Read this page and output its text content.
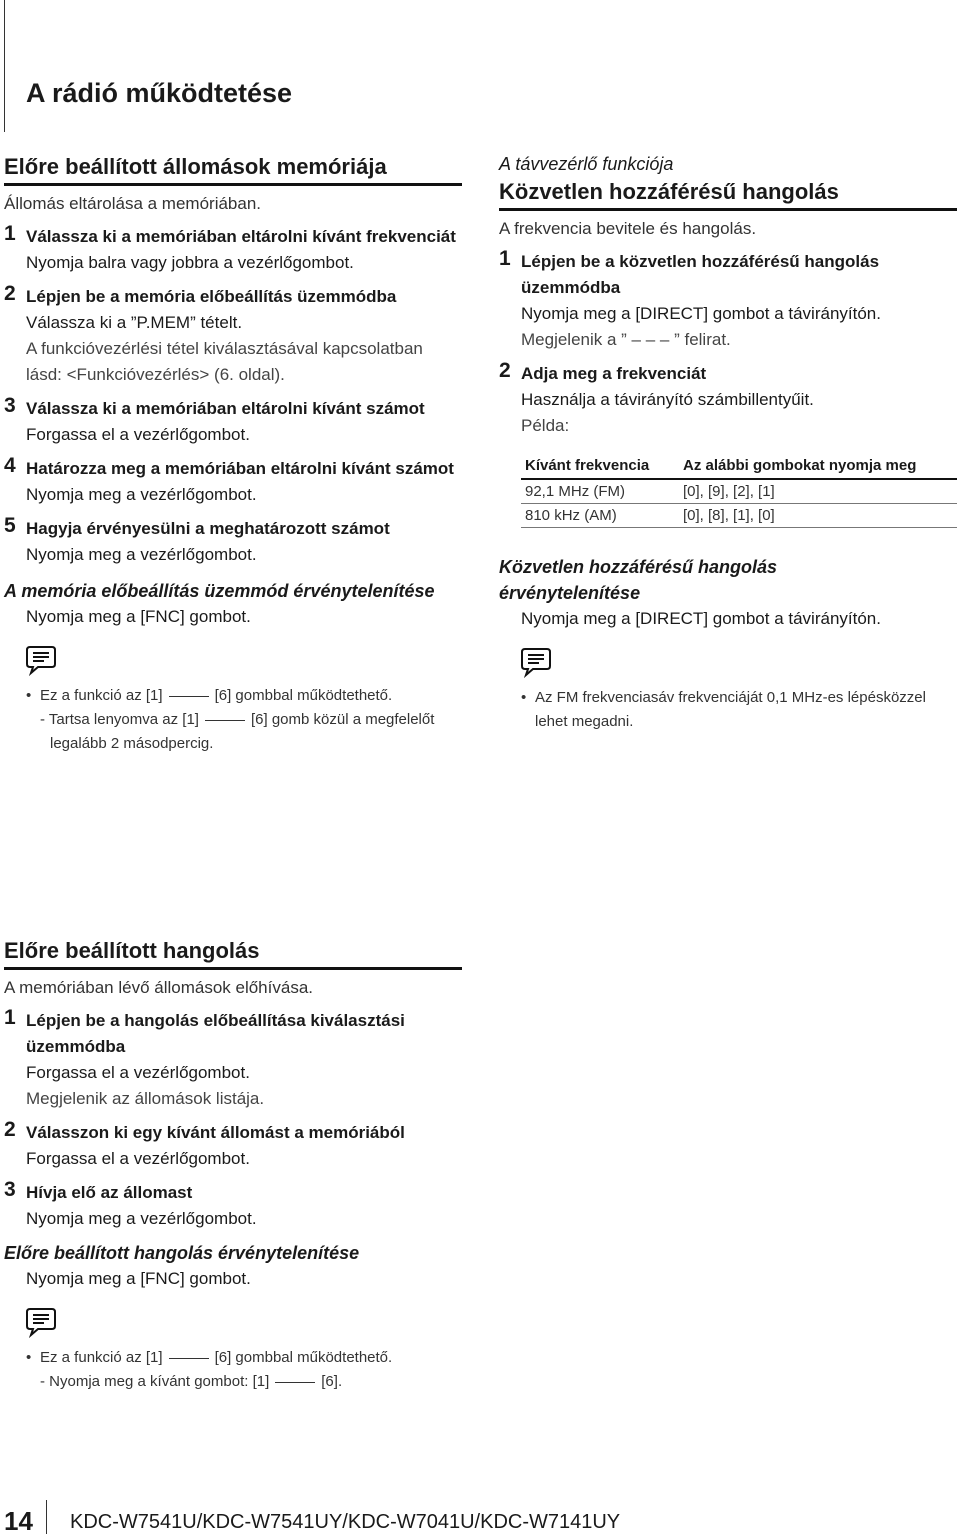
A rádió működtetése
Előre beállított állomások memóriája
Állomás eltárolása a memóriában.
1 Válassza ki a memóriában eltárolni kívánt frekvenciát
Nyomja balra vagy jobbra a vezérlőgombot.
2 Lépjen be a memória előbeállítás üzemmódba
Válassza ki a ”P.MEM” tételt.
A funkcióvezérlési tétel kiválasztásával kapcsolatban
lásd: <Funkcióvezérlés> (6. oldal).
3 Válassza ki a memóriában eltárolni kívánt számot
Forgassa el a vezérlőgombot.
4 Határozza meg a memóriában eltárolni kívánt számot
Nyomja meg a vezérlőgombot.
5 Hagyja érvényesülni a meghatározott számot
Nyomja meg a vezérlőgombot.
A memória előbeállítás üzemmód érvénytelenítése
Nyomja meg a [FNC] gombot.
• Ez a funkció az [1]	[6] gombbal működtethető.
- Tartsa lenyomva az [1]	[6] gomb közül a megfelelőt
legalább 2 másodpercig.
Előre beállított hangolás
A memóriában lévő állomások előhívása.
1 Lépjen be a hangolás előbeállítása kiválasztási üzemmódba
Forgassa el a vezérlőgombot.
Megjelenik az állomások listája.
2 Válasszon ki egy kívánt állomást a memóriából
Forgassa el a vezérlőgombot.
3 Hívja elő az állomast
Nyomja meg a vezérlőgombot.
Előre beállított hangolás érvénytelenítése
Nyomja meg a [FNC] gombot.
• Ez a funkció az [1]	[6] gombbal működtethető.
- Nyomja meg a kívánt gombot: [1]	[6].
A távvezérlő funkciója
Közvetlen hozzáférésű hangolás
A frekvencia bevitele és hangolás.
1 Lépjen be a közvetlen hozzáférésű hangolás üzemmódba
Nyomja meg a [DIRECT] gombot a távirányítón.
Megjelenik a ” – – – ” felirat.
2 Adja meg a frekvenciát
Használja a távirányító számbillentyűit.
Példa:
Kívánt frekvencia	Az alábbi gombokat nyomja meg
92,1 MHz (FM)	[0], [9], [2], [1]
810 kHz (AM)	[0], [8], [1], [0]
Közvetlen hozzáférésű hangolás érvénytelenítése
Nyomja meg a [DIRECT] gombot a távirányítón.
• Az FM frekvenciasáv frekvenciáját 0,1 MHz-es lépésközzel
lehet megadni.
14 KDC-W7541U/KDC-W7541UY/KDC-W7041U/KDC-W7141UY
